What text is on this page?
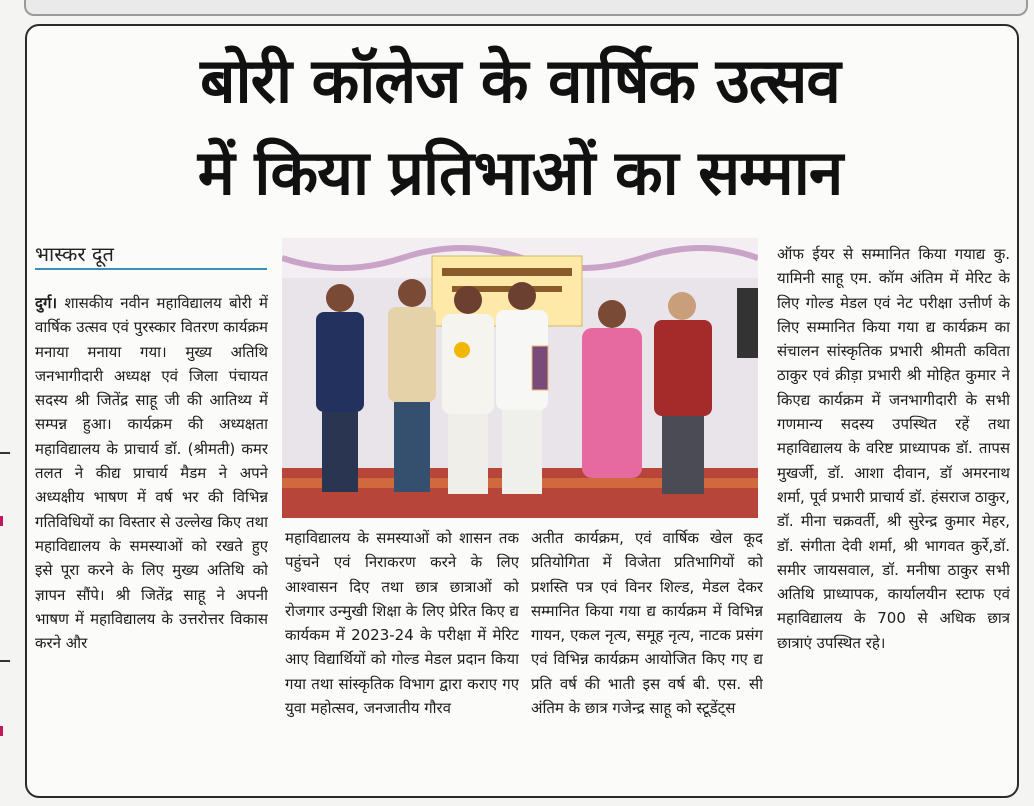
बोरी कॉलेज के वार्षिक उत्सव
में किया प्रतिभाओं का सम्मान
भास्कर दूत

दुर्ग। शासकीय नवीन महाविद्यालय बोरी में वार्षिक उत्सव एवं पुरस्कार वितरण कार्यक्रम मनाया मनाया गया। मुख्य अतिथि जनभागीदारी अध्यक्ष एवं जिला पंचायत सदस्य श्री जितेंद्र साहू जी की आतिथ्य में सम्पन्न हुआ। कार्यक्रम की अध्यक्षता महाविद्यालय के प्राचार्य डॉ. (श्रीमती) कमर तलत ने कीद्य प्राचार्य मैडम ने अपने अध्यक्षीय भाषण में वर्ष भर की विभिन्न गतिविधियों का विस्तार से उल्लेख किए तथा महाविद्यालय के समस्याओं को रखते हुए इसे पूरा करने के लिए मुख्य अतिथि को ज्ञापन सौंपे। श्री जितेंद्र साहू ने अपनी भाषण में महाविद्यालय के उत्तरोत्तर विकास करने और

महाविद्यालय के समस्याओं को शासन तक पहुंचने एवं निराकरण करने के लिए आश्वासन दिए तथा छात्र छात्राओं को रोजगार उन्मुखी शिक्षा के लिए प्रेरित किए द्य कार्यकम में 2023-24 के परीक्षा में मेरिट आए विद्यार्थियों को गोल्ड मेडल प्रदान किया गया तथा सांस्कृतिक विभाग द्वारा कराए गए युवा महोत्सव, जनजातीय गौरव

अतीत कार्यक्रम, एवं वार्षिक खेल कूद प्रतियोगिता में विजेता प्रतिभागियों को प्रशस्ति पत्र एवं विनर शिल्ड, मेडल देकर सम्मानित किया गया द्य कार्यक्रम में विभिन्न गायन, एकल नृत्य, समूह नृत्य, नाटक प्रसंग एवं विभिन्न कार्यक्रम आयोजित किए गए द्य प्रति वर्ष की भाती इस वर्ष बी. एस. सी अंतिम के छात्र गजेन्द्र साहू को स्टूडेंट्स

ऑफ ईयर से सम्मानित किया गयाद्य कु. यामिनी साहू एम. कॉम अंतिम में मेरिट के लिए गोल्ड मेडल एवं नेट परीक्षा उत्तीर्ण के लिए सम्मानित किया गया द्य कार्यक्रम का संचालन सांस्कृतिक प्रभारी श्रीमती कविता ठाकुर एवं क्रीड़ा प्रभारी श्री मोहित कुमार ने किएद्य कार्यक्रम में जनभागीदारी के सभी गणमान्य सदस्य उपस्थित रहें तथा महाविद्यालय के वरिष्ट प्राध्यापक डॉ. तापस मुखर्जी, डॉ. आशा दीवान, डॉ अमरनाथ शर्मा, पूर्व प्रभारी प्राचार्य डॉ. हंसराज ठाकुर, डॉ. मीना चक्रवर्ती, श्री सुरेन्द्र कुमार मेहर, डॉ. संगीता देवी शर्मा, श्री भागवत कुर्रे,डॉ. समीर जायसवाल, डॉ. मनीषा ठाकुर सभी अतिथि प्राध्यापक, कार्यालयीन स्टाफ एवं महाविद्यालय के 700 से अधिक छात्र छात्राएं उपस्थित रहे।
